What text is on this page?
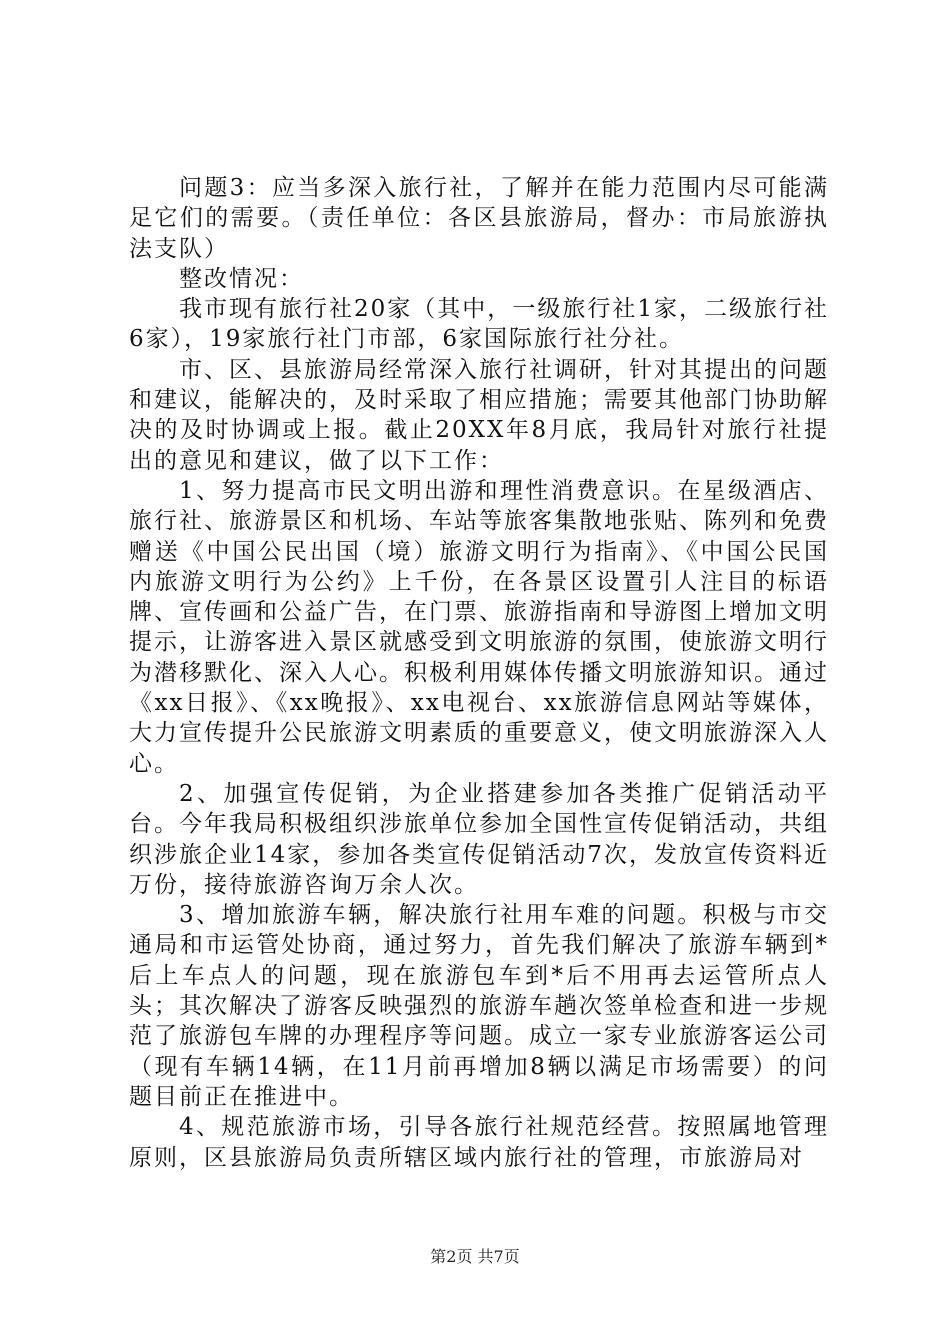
问题3：应当多深入旅行社，了解并在能力范围内尽可能满足它们的需要。（责任单位：各区县旅游局，督办：市局旅游执法支队）

整改情况：

我市现有旅行社20家（其中，一级旅行社1家，二级旅行社6家），19家旅行社门市部，6家国际旅行社分社。

市、区、县旅游局经常深入旅行社调研，针对其提出的问题和建议，能解决的，及时采取了相应措施；需要其他部门协助解决的及时协调或上报。截止20XX年8月底，我局针对旅行社提出的意见和建议，做了以下工作：

1、努力提高市民文明出游和理性消费意识。在星级酒店、旅行社、旅游景区和机场、车站等旅客集散地张贴、陈列和免费赠送《中国公民出国（境）旅游文明行为指南》、《中国公民国内旅游文明行为公约》上千份，在各景区设置引人注目的标语牌、宣传画和公益广告，在门票、旅游指南和导游图上增加文明提示，让游客进入景区就感受到文明旅游的氛围，使旅游文明行为潜移默化、深入人心。积极利用媒体传播文明旅游知识。通过《xx日报》、《xx晚报》、xx电视台、xx旅游信息网站等媒体，大力宣传提升公民旅游文明素质的重要意义，使文明旅游深入人心。

2、加强宣传促销，为企业搭建参加各类推广促销活动平台。今年我局积极组织涉旅单位参加全国性宣传促销活动，共组织涉旅企业14家，参加各类宣传促销活动7次，发放宣传资料近万份，接待旅游咨询万余人次。

3、增加旅游车辆，解决旅行社用车难的问题。积极与市交通局和市运管处协商，通过努力，首先我们解决了旅游车辆到*后上车点人的问题，现在旅游包车到*后不用再去运管所点人头；其次解决了游客反映强烈的旅游车趟次签单检查和进一步规范了旅游包车牌的办理程序等问题。成立一家专业旅游客运公司（现有车辆14辆，在11月前再增加8辆以满足市场需要）的问题目前正在推进中。

4、规范旅游市场，引导各旅行社规范经营。按照属地管理原则，区县旅游局负责所辖区域内旅行社的管理，市旅游局对

第2页 共7页
